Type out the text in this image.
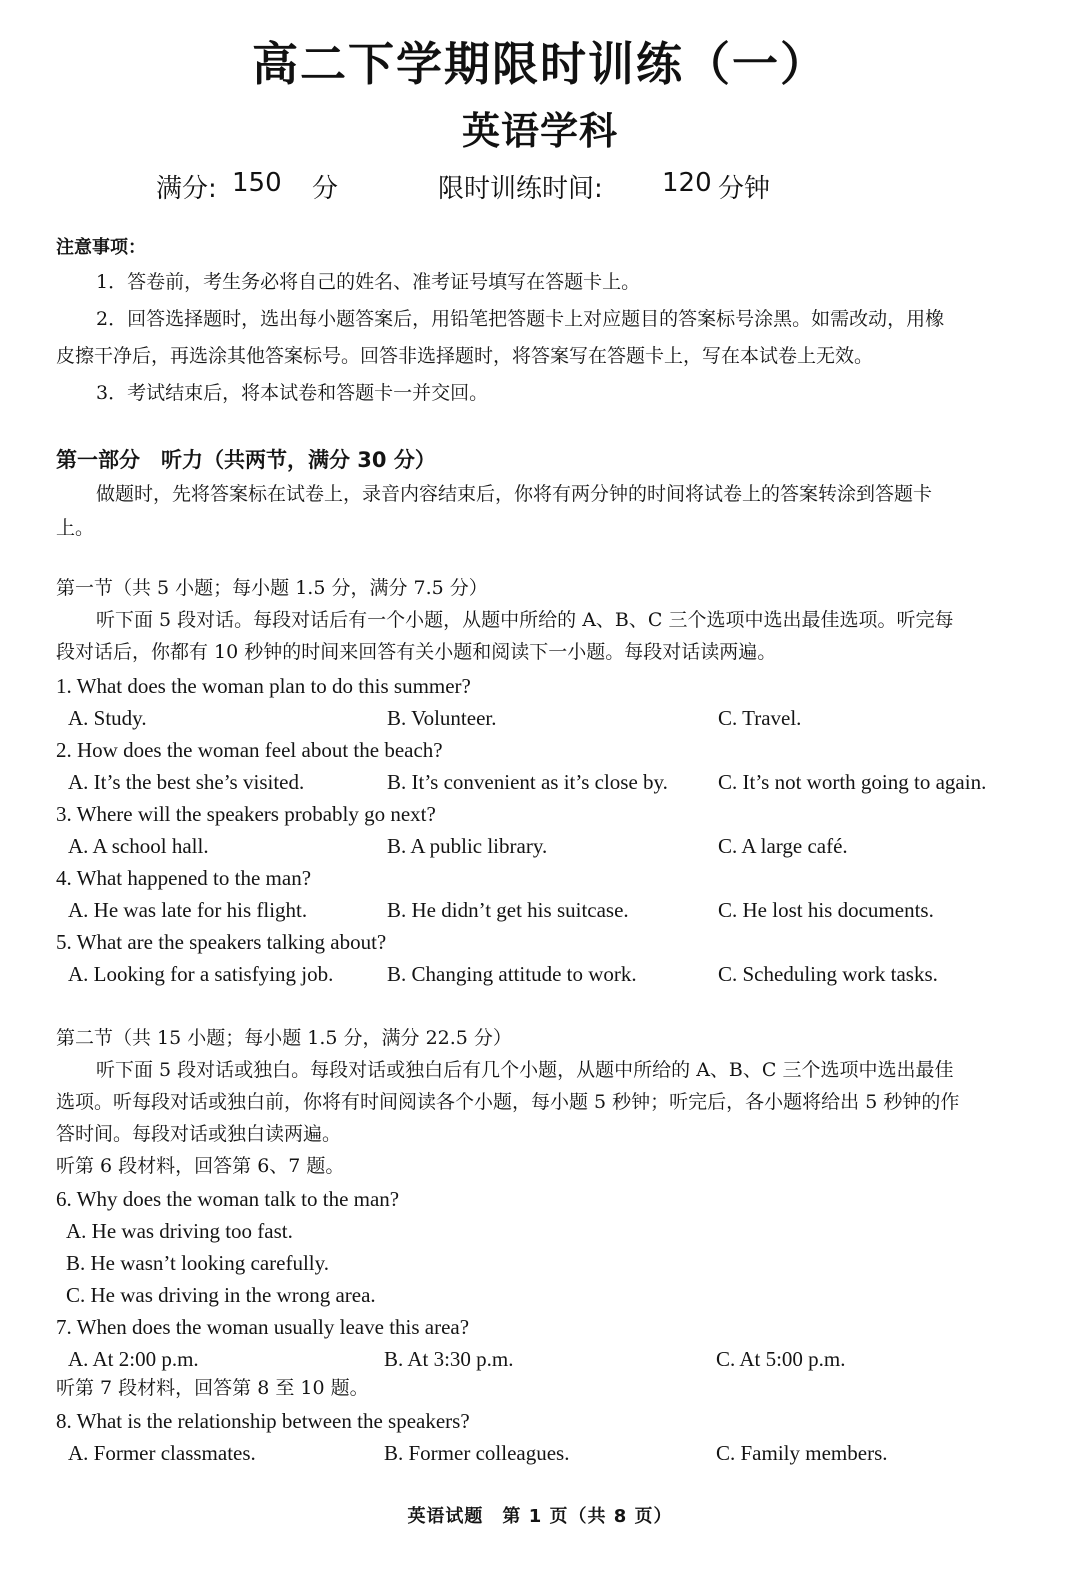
高二下学期限时训练（一）
英语学科
满分: 150 分	限时训练时间: 120 分钟
注意事项：
1．答卷前，考生务必将自己的姓名、准考证号填写在答题卡上。
2．回答选择题时，选出每小题答案后，用铅笔把答题卡上对应题目的答案标号涂黑。如需改动，用橡
皮擦干净后，再选涂其他答案标号。回答非选择题时，将答案写在答题卡上，写在本试卷上无效。
3．考试结束后，将本试卷和答题卡一并交回。
第一部分　听力（共两节，满分 30 分）
做题时，先将答案标在试卷上，录音内容结束后，你将有两分钟的时间将试卷上的答案转涂到答题卡
上。
第一节（共 5 小题；每小题 1.5 分，满分 7.5 分）
听下面 5 段对话。每段对话后有一个小题，从题中所给的 A、B、C 三个选项中选出最佳选项。听完每
段对话后，你都有 10 秒钟的时间来回答有关小题和阅读下一小题。每段对话读两遍。
1. What does the woman plan to do this summer?
A. Study.	B. Volunteer.	C. Travel.
2. How does the woman feel about the beach?
A. It’s the best she’s visited.	B. It’s convenient as it’s close by. C. It’s not worth going to again.
3. Where will the speakers probably go next?
A. A school hall.	B. A public library.	C. A large café.
4. What happened to the man?
A. He was late for his flight.	B. He didn’t get his suitcase.	C. He lost his documents.
5. What are the speakers talking about?
A. Looking for a satisfying job.	B. Changing attitude to work.	C. Scheduling work tasks.
第二节（共 15 小题；每小题 1.5 分，满分 22.5 分）
听下面 5 段对话或独白。每段对话或独白后有几个小题，从题中所给的 A、B、C 三个选项中选出最佳
选项。听每段对话或独白前，你将有时间阅读各个小题，每小题 5 秒钟；听完后，各小题将给出 5 秒钟的作
答时间。每段对话或独白读两遍。
听第 6 段材料，回答第 6、7 题。
6. Why does the woman talk to the man?
A. He was driving too fast.
B. He wasn’t looking carefully.
C. He was driving in the wrong area.
7. When does the woman usually leave this area?
A. At 2:00 p.m.	B. At 3:30 p.m.	C. At 5:00 p.m.
听第 7 段材料，回答第 8 至 10 题。
8. What is the relationship between the speakers?
A. Former classmates.	B. Former colleagues.	C. Family members.
英语试题　第 1 页（共 8 页）
